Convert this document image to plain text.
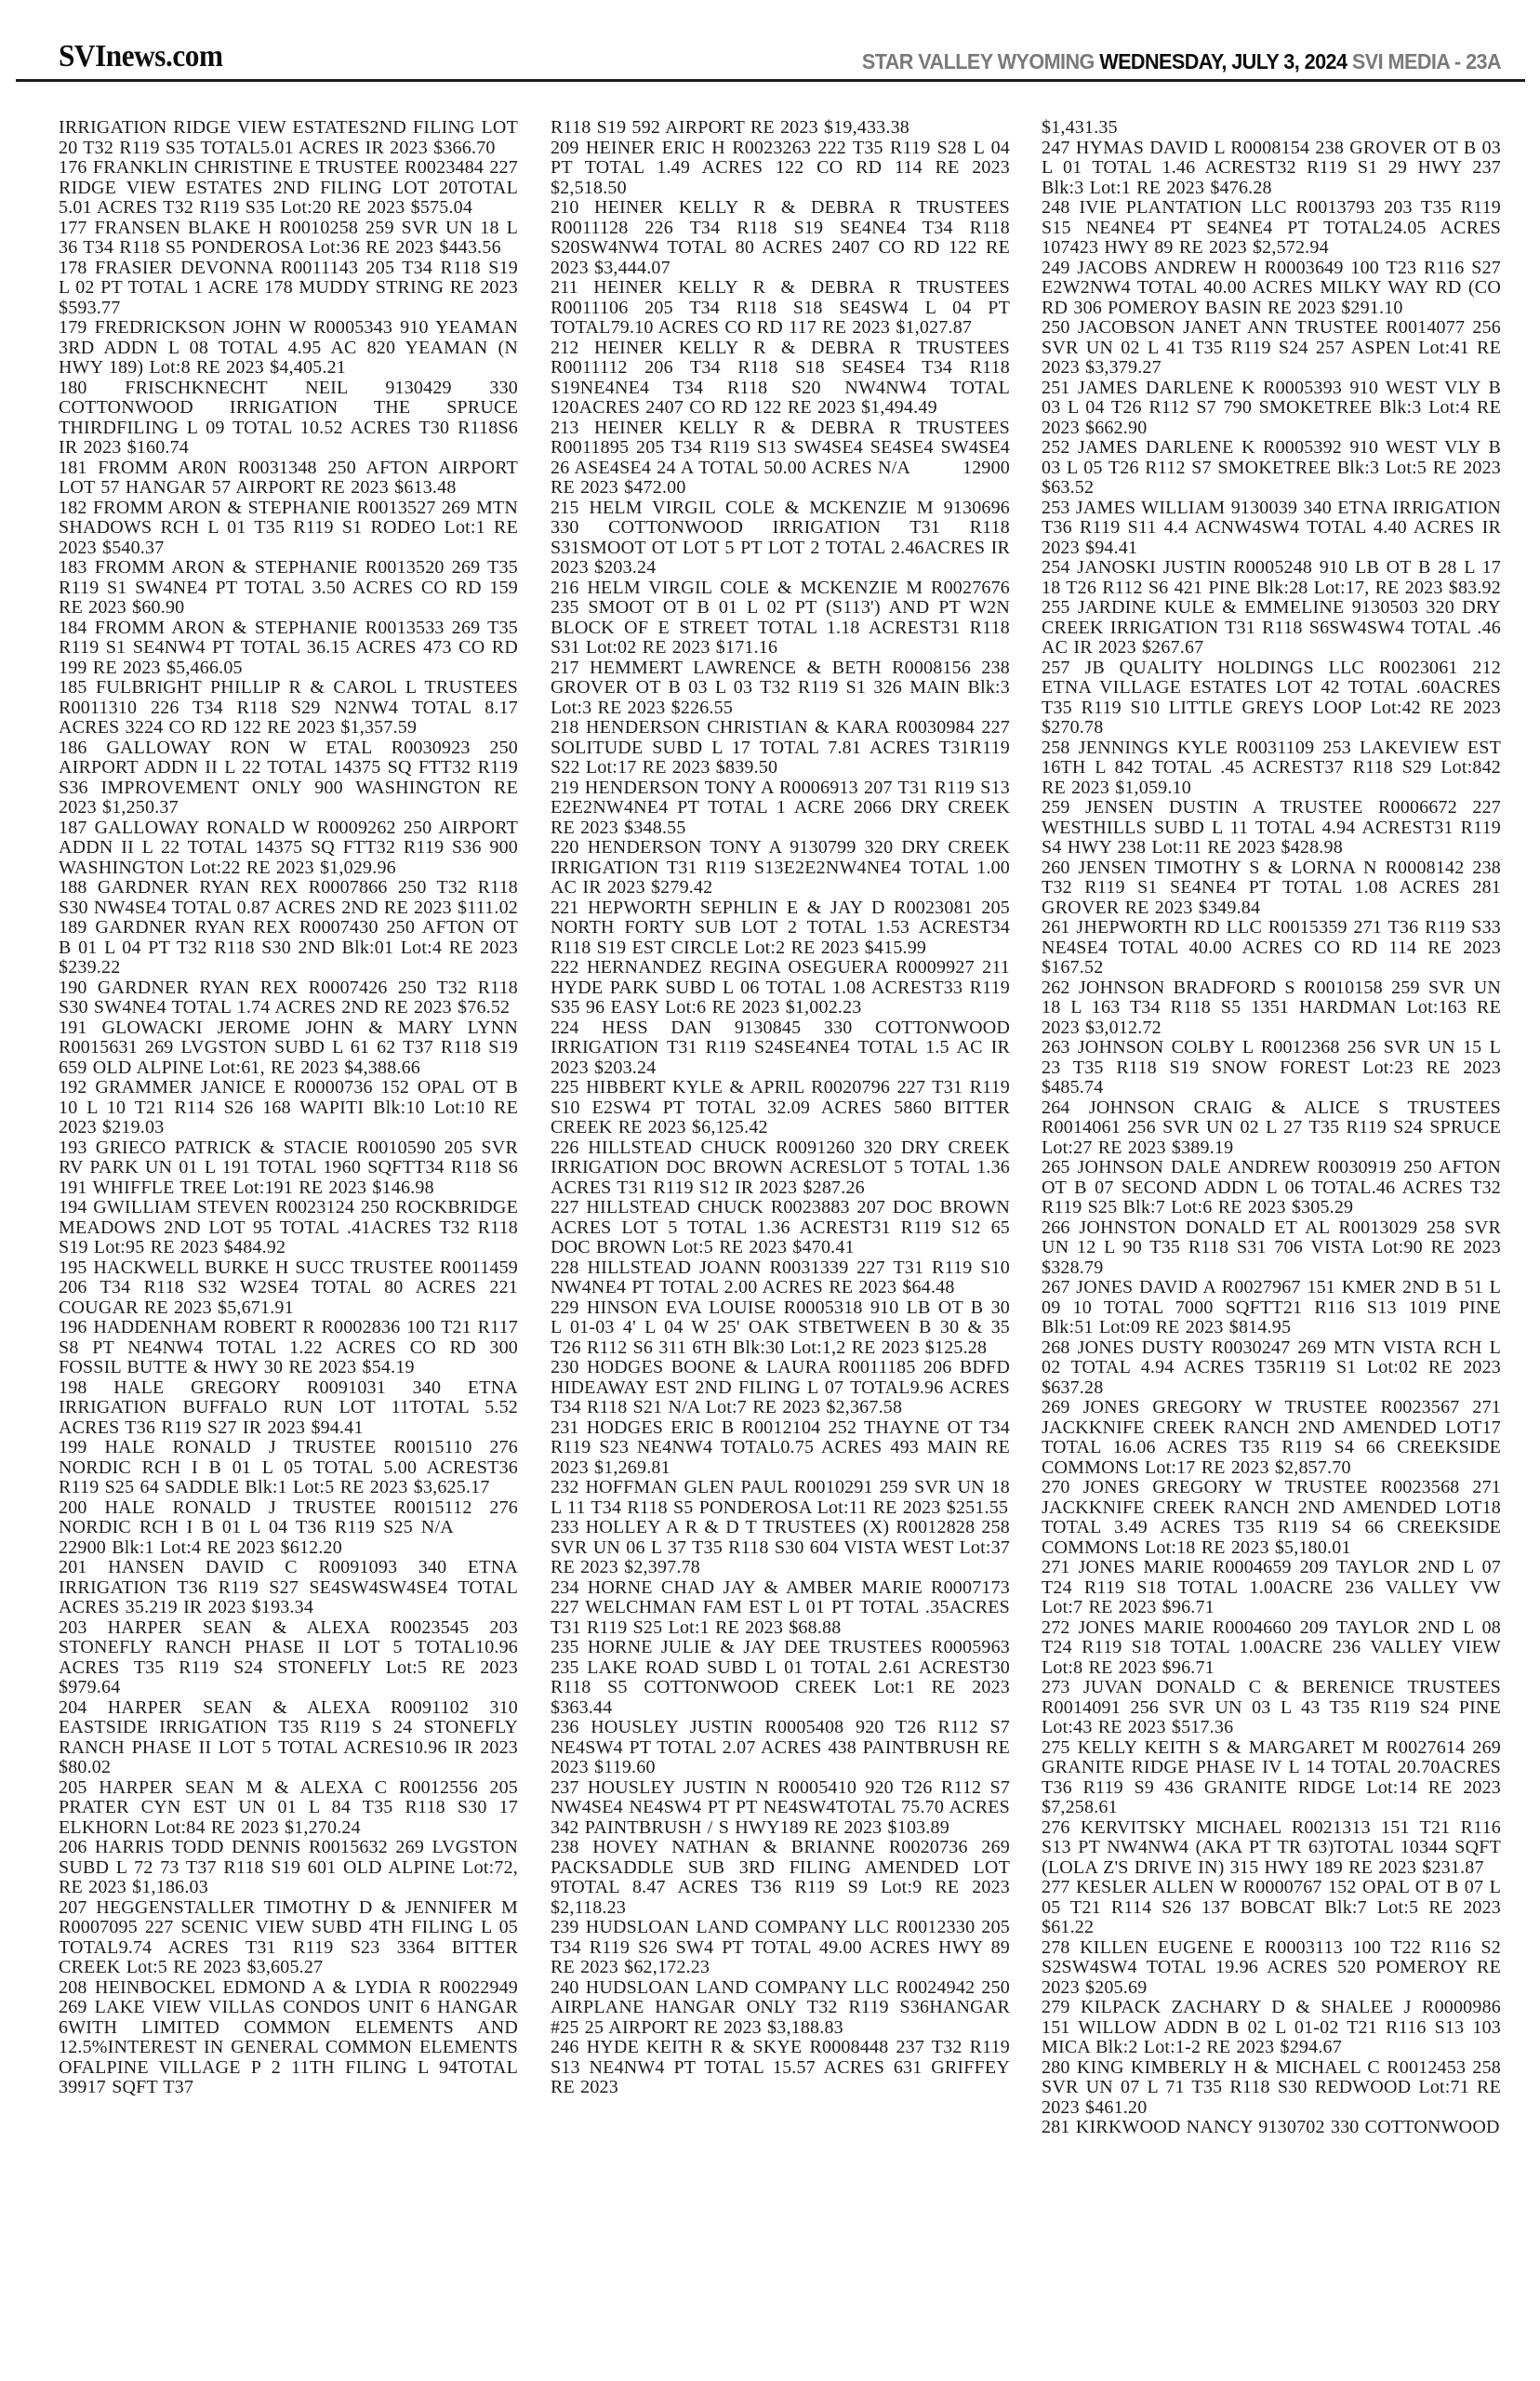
SVInews.com	STAR VALLEY WYOMING WEDNESDAY, JULY 3, 2024 SVI MEDIA - 23A

IRRIGATION RIDGE VIEW ESTATES2ND FILING LOT 20 T32 R119 S35 TOTAL5.01 ACRES IR 2023 $366.70

176 FRANKLIN CHRISTINE E TRUSTEE R0023484 227 RIDGE VIEW ESTATES 2ND FILING LOT 20TOTAL 5.01 ACRES T32 R119 S35 Lot:20 RE 2023 $575.04

177 FRANSEN BLAKE H R0010258 259 SVR UN 18 L 36 T34 R118 S5 PONDEROSA Lot:36 RE 2023 $443.56

178 FRASIER DEVONNA R0011143 205 T34 R118 S19 L 02 PT TOTAL 1 ACRE 178 MUDDY STRING RE 2023 $593.77

179 FREDRICKSON JOHN W R0005343 910 YEAMAN 3RD ADDN L 08 TOTAL 4.95 AC 820 YEAMAN (N HWY 189) Lot:8 RE 2023 $4,405.21

180 FRISCHKNECHT NEIL 9130429 330 COTTONWOOD IRRIGATION THE SPRUCE THIRDFILING L 09 TOTAL 10.52 ACRES T30 R118S6 IR 2023 $160.74

181 FROMM AR0N R0031348 250 AFTON AIRPORT LOT 57 HANGAR 57 AIRPORT RE 2023 $613.48

182 FROMM ARON & STEPHANIE R0013527 269 MTN SHADOWS RCH L 01 T35 R119 S1 RODEO Lot:1 RE 2023 $540.37

183 FROMM ARON & STEPHANIE R0013520 269 T35 R119 S1 SW4NE4 PT TOTAL 3.50 ACRES CO RD 159 RE 2023 $60.90

184 FROMM ARON & STEPHANIE R0013533 269 T35 R119 S1 SE4NW4 PT TOTAL 36.15 ACRES 473 CO RD 199 RE 2023 $5,466.05

185 FULBRIGHT PHILLIP R & CAROL L TRUSTEES R0011310 226 T34 R118 S29 N2NW4 TOTAL 8.17 ACRES 3224 CO RD 122 RE 2023 $1,357.59

186 GALLOWAY RON W ETAL R0030923 250 AIRPORT ADDN II L 22 TOTAL 14375 SQ FTT32 R119 S36 IMPROVEMENT ONLY 900 WASHINGTON RE 2023 $1,250.37

187 GALLOWAY RONALD W R0009262 250 AIRPORT ADDN II L 22 TOTAL 14375 SQ FTT32 R119 S36 900 WASHINGTON Lot:22 RE 2023 $1,029.96

188 GARDNER RYAN REX R0007866 250 T32 R118 S30 NW4SE4 TOTAL 0.87 ACRES 2ND RE 2023 $111.02

189 GARDNER RYAN REX R0007430 250 AFTON OT B 01 L 04 PT T32 R118 S30 2ND Blk:01 Lot:4 RE 2023 $239.22

190 GARDNER RYAN REX R0007426 250 T32 R118 S30 SW4NE4 TOTAL 1.74 ACRES 2ND RE 2023 $76.52

191 GLOWACKI JEROME JOHN & MARY LYNN R0015631 269 LVGSTON SUBD L 61 62 T37 R118 S19 659 OLD ALPINE Lot:61, RE 2023 $4,388.66

192 GRAMMER JANICE E R0000736 152 OPAL OT B 10 L 10 T21 R114 S26 168 WAPITI Blk:10 Lot:10 RE 2023 $219.03

193 GRIECO PATRICK & STACIE R0010590 205 SVR RV PARK UN 01 L 191 TOTAL 1960 SQFTT34 R118 S6 191 WHIFFLE TREE Lot:191 RE 2023 $146.98

194 GWILLIAM STEVEN R0023124 250 ROCKBRIDGE MEADOWS 2ND LOT 95 TOTAL .41ACRES T32 R118 S19 Lot:95 RE 2023 $484.92

195 HACKWELL BURKE H SUCC TRUSTEE R0011459 206 T34 R118 S32 W2SE4 TOTAL 80 ACRES 221 COUGAR RE 2023 $5,671.91

196 HADDENHAM ROBERT R R0002836 100 T21 R117 S8 PT NE4NW4 TOTAL 1.22 ACRES CO RD 300 FOSSIL BUTTE & HWY 30 RE 2023 $54.19

198 HALE GREGORY R0091031 340 ETNA IRRIGATION BUFFALO RUN LOT 11TOTAL 5.52 ACRES T36 R119 S27 IR 2023 $94.41

199 HALE RONALD J TRUSTEE R0015110 276 NORDIC RCH I B 01 L 05 TOTAL 5.00 ACREST36 R119 S25 64 SADDLE Blk:1 Lot:5 RE 2023 $3,625.17

200 HALE RONALD J TRUSTEE R0015112 276 NORDIC RCH I B 01 L 04 T36 R119 S25 N/A         22900 Blk:1 Lot:4 RE 2023 $612.20

201 HANSEN DAVID C R0091093 340 ETNA IRRIGATION T36 R119 S27 SE4SW4SW4SE4 TOTAL ACRES 35.219 IR 2023 $193.34

203 HARPER SEAN & ALEXA R0023545 203 STONEFLY RANCH PHASE II LOT 5 TOTAL10.96 ACRES T35 R119 S24 STONEFLY Lot:5 RE 2023 $979.64

204 HARPER SEAN & ALEXA R0091102 310 EASTSIDE IRRIGATION T35 R119 S 24 STONEFLY RANCH PHASE II LOT 5 TOTAL ACRES10.96 IR 2023 $80.02

205 HARPER SEAN M & ALEXA C R0012556 205 PRATER CYN EST UN 01 L 84 T35 R118 S30 17 ELKHORN Lot:84 RE 2023 $1,270.24

206 HARRIS TODD DENNIS R0015632 269 LVGSTON SUBD L 72 73 T37 R118 S19 601 OLD ALPINE Lot:72, RE 2023 $1,186.03

207 HEGGENSTALLER TIMOTHY D & JENNIFER M R0007095 227 SCENIC VIEW SUBD 4TH FILING L 05 TOTAL9.74 ACRES T31 R119 S23 3364 BITTER CREEK Lot:5 RE 2023 $3,605.27

208 HEINBOCKEL EDMOND A & LYDIA R R0022949 269 LAKE VIEW VILLAS CONDOS UNIT 6 HANGAR 6WITH LIMITED COMMON ELEMENTS AND 12.5%INTEREST IN GENERAL COMMON ELEMENTS OFALPINE VILLAGE P 2 11TH FILING L 94TOTAL 39917 SQFT T37

R118 S19 592 AIRPORT RE 2023 $19,433.38

209 HEINER ERIC H R0023263 222 T35 R119 S28 L 04 PT TOTAL 1.49 ACRES 122 CO RD 114 RE 2023 $2,518.50

210 HEINER KELLY R & DEBRA R TRUSTEES R0011128 226 T34 R118 S19 SE4NE4 T34 R118 S20SW4NW4 TOTAL 80 ACRES 2407 CO RD 122 RE 2023 $3,444.07

211 HEINER KELLY R & DEBRA R TRUSTEES R0011106 205 T34 R118 S18 SE4SW4 L 04 PT TOTAL79.10 ACRES CO RD 117 RE 2023 $1,027.87

212 HEINER KELLY R & DEBRA R TRUSTEES R0011112 206 T34 R118 S18 SE4SE4 T34 R118 S19NE4NE4 T34 R118 S20 NW4NW4 TOTAL 120ACRES 2407 CO RD 122 RE 2023 $1,494.49

213 HEINER KELLY R & DEBRA R TRUSTEES R0011895 205 T34 R119 S13 SW4SE4 SE4SE4 SW4SE4 26 ASE4SE4 24 A TOTAL 50.00 ACRES N/A         12900 RE 2023 $472.00

215 HELM VIRGIL COLE & MCKENZIE M 9130696 330 COTTONWOOD IRRIGATION T31 R118 S31SMOOT OT LOT 5 PT LOT 2 TOTAL 2.46ACRES IR 2023 $203.24

216 HELM VIRGIL COLE & MCKENZIE M R0027676 235 SMOOT OT B 01 L 02 PT (S113') AND PT W2N BLOCK OF E STREET TOTAL 1.18 ACREST31 R118 S31 Lot:02 RE 2023 $171.16

217 HEMMERT LAWRENCE & BETH R0008156 238 GROVER OT B 03 L 03 T32 R119 S1 326 MAIN Blk:3 Lot:3 RE 2023 $226.55

218 HENDERSON CHRISTIAN & KARA R0030984 227 SOLITUDE SUBD L 17 TOTAL 7.81 ACRES T31R119 S22 Lot:17 RE 2023 $839.50

219 HENDERSON TONY A R0006913 207 T31 R119 S13 E2E2NW4NE4 PT TOTAL 1 ACRE 2066 DRY CREEK RE 2023 $348.55

220 HENDERSON TONY A 9130799 320 DRY CREEK IRRIGATION T31 R119 S13E2E2NW4NE4 TOTAL 1.00 AC IR 2023 $279.42

221 HEPWORTH SEPHLIN E & JAY D R0023081 205 NORTH FORTY SUB LOT 2 TOTAL 1.53 ACREST34 R118 S19 EST CIRCLE Lot:2 RE 2023 $415.99

222 HERNANDEZ REGINA OSEGUERA R0009927 211 HYDE PARK SUBD L 06 TOTAL 1.08 ACREST33 R119 S35 96 EASY Lot:6 RE 2023 $1,002.23

224 HESS DAN 9130845 330 COTTONWOOD IRRIGATION T31 R119 S24SE4NE4 TOTAL 1.5 AC IR 2023 $203.24

225 HIBBERT KYLE & APRIL R0020796 227 T31 R119 S10 E2SW4 PT TOTAL 32.09 ACRES 5860 BITTER CREEK RE 2023 $6,125.42

226 HILLSTEAD CHUCK R0091260 320 DRY CREEK IRRIGATION DOC BROWN ACRESLOT 5 TOTAL 1.36 ACRES T31 R119 S12 IR 2023 $287.26

227 HILLSTEAD CHUCK R0023883 207 DOC BROWN ACRES LOT 5 TOTAL 1.36 ACREST31 R119 S12 65 DOC BROWN Lot:5 RE 2023 $470.41

228 HILLSTEAD JOANN R0031339 227 T31 R119 S10 NW4NE4 PT TOTAL 2.00 ACRES RE 2023 $64.48

229 HINSON EVA LOUISE R0005318 910 LB OT B 30 L 01-03 4' L 04 W 25' OAK STBETWEEN B 30 & 35 T26 R112 S6 311 6TH Blk:30 Lot:1,2 RE 2023 $125.28

230 HODGES BOONE & LAURA R0011185 206 BDFD HIDEAWAY EST 2ND FILING L 07 TOTAL9.96 ACRES T34 R118 S21 N/A Lot:7 RE 2023 $2,367.58

231 HODGES ERIC B R0012104 252 THAYNE OT T34 R119 S23 NE4NW4 TOTAL0.75 ACRES 493 MAIN RE 2023 $1,269.81

232 HOFFMAN GLEN PAUL R0010291 259 SVR UN 18 L 11 T34 R118 S5 PONDEROSA Lot:11 RE 2023 $251.55

233 HOLLEY A R & D T TRUSTEES (X) R0012828 258 SVR UN 06 L 37 T35 R118 S30 604 VISTA WEST Lot:37 RE 2023 $2,397.78

234 HORNE CHAD JAY & AMBER MARIE R0007173 227 WELCHMAN FAM EST L 01 PT TOTAL .35ACRES T31 R119 S25 Lot:1 RE 2023 $68.88

235 HORNE JULIE & JAY DEE TRUSTEES R0005963 235 LAKE ROAD SUBD L 01 TOTAL 2.61 ACREST30 R118 S5 COTTONWOOD CREEK Lot:1 RE 2023 $363.44

236 HOUSLEY JUSTIN R0005408 920 T26 R112 S7 NE4SW4 PT TOTAL 2.07 ACRES 438 PAINTBRUSH RE 2023 $119.60

237 HOUSLEY JUSTIN N R0005410 920 T26 R112 S7 NW4SE4 NE4SW4 PT PT NE4SW4TOTAL 75.70 ACRES 342 PAINTBRUSH / S HWY189 RE 2023 $103.89

238 HOVEY NATHAN & BRIANNE R0020736 269 PACKSADDLE SUB 3RD FILING AMENDED LOT 9TOTAL 8.47 ACRES T36 R119 S9 Lot:9 RE 2023 $2,118.23

239 HUDSLOAN LAND COMPANY LLC R0012330 205 T34 R119 S26 SW4 PT TOTAL 49.00 ACRES HWY 89 RE 2023 $62,172.23

240 HUDSLOAN LAND COMPANY LLC R0024942 250 AIRPLANE HANGAR ONLY T32 R119 S36HANGAR #25 25 AIRPORT RE 2023 $3,188.83

246 HYDE KEITH R & SKYE R0008448 237 T32 R119 S13 NE4NW4 PT TOTAL 15.57 ACRES 631 GRIFFEY RE 2023

$1,431.35

247 HYMAS DAVID L R0008154 238 GROVER OT B 03 L 01 TOTAL 1.46 ACREST32 R119 S1 29 HWY 237 Blk:3 Lot:1 RE 2023 $476.28

248 IVIE PLANTATION LLC R0013793 203 T35 R119 S15 NE4NE4 PT SE4NE4 PT TOTAL24.05 ACRES 107423 HWY 89 RE 2023 $2,572.94

249 JACOBS ANDREW H R0003649 100 T23 R116 S27 E2W2NW4 TOTAL 40.00 ACRES MILKY WAY RD (CO RD 306 POMEROY BASIN RE 2023 $291.10

250 JACOBSON JANET ANN TRUSTEE R0014077 256 SVR UN 02 L 41 T35 R119 S24 257 ASPEN Lot:41 RE 2023 $3,379.27

251 JAMES DARLENE K R0005393 910 WEST VLY B 03 L 04 T26 R112 S7 790 SMOKETREE Blk:3 Lot:4 RE 2023 $662.90

252 JAMES DARLENE K R0005392 910 WEST VLY B 03 L 05 T26 R112 S7 SMOKETREE Blk:3 Lot:5 RE 2023 $63.52

253 JAMES WILLIAM 9130039 340 ETNA IRRIGATION T36 R119 S11 4.4 ACNW4SW4 TOTAL 4.40 ACRES IR 2023 $94.41

254 JANOSKI JUSTIN R0005248 910 LB OT B 28 L 17 18 T26 R112 S6 421 PINE Blk:28 Lot:17, RE 2023 $83.92

255 JARDINE KULE & EMMELINE 9130503 320 DRY CREEK IRRIGATION T31 R118 S6SW4SW4 TOTAL .46 AC IR 2023 $267.67

257 JB QUALITY HOLDINGS LLC R0023061 212 ETNA VILLAGE ESTATES LOT 42 TOTAL .60ACRES T35 R119 S10 LITTLE GREYS LOOP Lot:42 RE 2023 $270.78

258 JENNINGS KYLE R0031109 253 LAKEVIEW EST 16TH L 842 TOTAL .45 ACREST37 R118 S29 Lot:842 RE 2023 $1,059.10

259 JENSEN DUSTIN A TRUSTEE R0006672 227 WESTHILLS SUBD L 11 TOTAL 4.94 ACREST31 R119 S4 HWY 238 Lot:11 RE 2023 $428.98

260 JENSEN TIMOTHY S & LORNA N R0008142 238 T32 R119 S1 SE4NE4 PT TOTAL 1.08 ACRES 281 GROVER RE 2023 $349.84

261 JHEPWORTH RD LLC R0015359 271 T36 R119 S33 NE4SE4 TOTAL 40.00 ACRES CO RD 114 RE 2023 $167.52

262 JOHNSON BRADFORD S R0010158 259 SVR UN 18 L 163 T34 R118 S5 1351 HARDMAN Lot:163 RE 2023 $3,012.72

263 JOHNSON COLBY L R0012368 256 SVR UN 15 L 23 T35 R118 S19 SNOW FOREST Lot:23 RE 2023 $485.74

264 JOHNSON CRAIG & ALICE S TRUSTEES R0014061 256 SVR UN 02 L 27 T35 R119 S24 SPRUCE Lot:27 RE 2023 $389.19

265 JOHNSON DALE ANDREW R0030919 250 AFTON OT B 07 SECOND ADDN L 06 TOTAL.46 ACRES T32 R119 S25 Blk:7 Lot:6 RE 2023 $305.29

266 JOHNSTON DONALD ET AL R0013029 258 SVR UN 12 L 90 T35 R118 S31 706 VISTA Lot:90 RE 2023 $328.79

267 JONES DAVID A R0027967 151 KMER 2ND B 51 L 09 10 TOTAL 7000 SQFTT21 R116 S13 1019 PINE Blk:51 Lot:09 RE 2023 $814.95

268 JONES DUSTY R0030247 269 MTN VISTA RCH L 02 TOTAL 4.94 ACRES T35R119 S1 Lot:02 RE 2023 $637.28

269 JONES GREGORY W TRUSTEE R0023567 271 JACKKNIFE CREEK RANCH 2ND AMENDED LOT17 TOTAL 16.06 ACRES T35 R119 S4 66 CREEKSIDE COMMONS Lot:17 RE 2023 $2,857.70

270 JONES GREGORY W TRUSTEE R0023568 271 JACKKNIFE CREEK RANCH 2ND AMENDED LOT18 TOTAL 3.49 ACRES T35 R119 S4 66 CREEKSIDE COMMONS Lot:18 RE 2023 $5,180.01

271 JONES MARIE R0004659 209 TAYLOR 2ND L 07 T24 R119 S18 TOTAL 1.00ACRE 236 VALLEY VW Lot:7 RE 2023 $96.71

272 JONES MARIE R0004660 209 TAYLOR 2ND L 08 T24 R119 S18 TOTAL 1.00ACRE 236 VALLEY VIEW Lot:8 RE 2023 $96.71

273 JUVAN DONALD C & BERENICE TRUSTEES R0014091 256 SVR UN 03 L 43 T35 R119 S24 PINE Lot:43 RE 2023 $517.36

275 KELLY KEITH S & MARGARET M R0027614 269 GRANITE RIDGE PHASE IV L 14 TOTAL 20.70ACRES T36 R119 S9 436 GRANITE RIDGE Lot:14 RE 2023 $7,258.61

276 KERVITSKY MICHAEL R0021313 151 T21 R116 S13 PT NW4NW4 (AKA PT TR 63)TOTAL 10344 SQFT (LOLA Z'S DRIVE IN) 315 HWY 189 RE 2023 $231.87

277 KESLER ALLEN W R0000767 152 OPAL OT B 07 L 05 T21 R114 S26 137 BOBCAT Blk:7 Lot:5 RE 2023 $61.22

278 KILLEN EUGENE E R0003113 100 T22 R116 S2 S2SW4SW4 TOTAL 19.96 ACRES 520 POMEROY RE 2023 $205.69

279 KILPACK ZACHARY D & SHALEE J R0000986 151 WILLOW ADDN B 02 L 01-02 T21 R116 S13 103 MICA Blk:2 Lot:1-2 RE 2023 $294.67

280 KING KIMBERLY H & MICHAEL C R0012453 258 SVR UN 07 L 71 T35 R118 S30 REDWOOD Lot:71 RE 2023 $461.20

281 KIRKWOOD NANCY 9130702 330 COTTONWOOD
